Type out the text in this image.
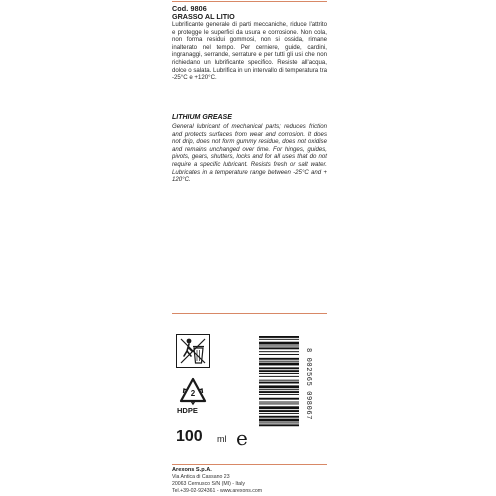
Cod. 9806
GRASSO AL LITIO
Lubrificante generale di parti meccaniche, riduce l'attrito e protegge le superfici da usura e corrosione. Non cola, non forma residui gommosi, non si ossida, rimane inalterato nel tempo. Per cerniere, guide, cardini, ingranaggi, serrande, serrature e per tutti gli usi che non richiedano un lubrificante specifico. Resiste all'acqua, dolce o salata. Lubrifica in un intervallo di temperatura tra -25°C e +120°C.
LITHIUM GREASE
General lubricant of mechanical parts; reduces friction and protects surfaces from wear and corrosion. It does not drip, does not form gummy residue, does not oxidise and remains unchanged over time. For hinges, guides, pivots, gears, shutters, locks and for all uses that do not require a specific lubricant. Resists fresh or salt water. Lubricates in a temperature range between -25°C and + 120°C.
2
HDPE
100 ml e
8 002565 098067
Arexons S.p.A.
Via Antica di Cassano 23
20063 Cernusco S/N (MI) - Italy
Tel.+39-02-924361 - www.arexons.com
